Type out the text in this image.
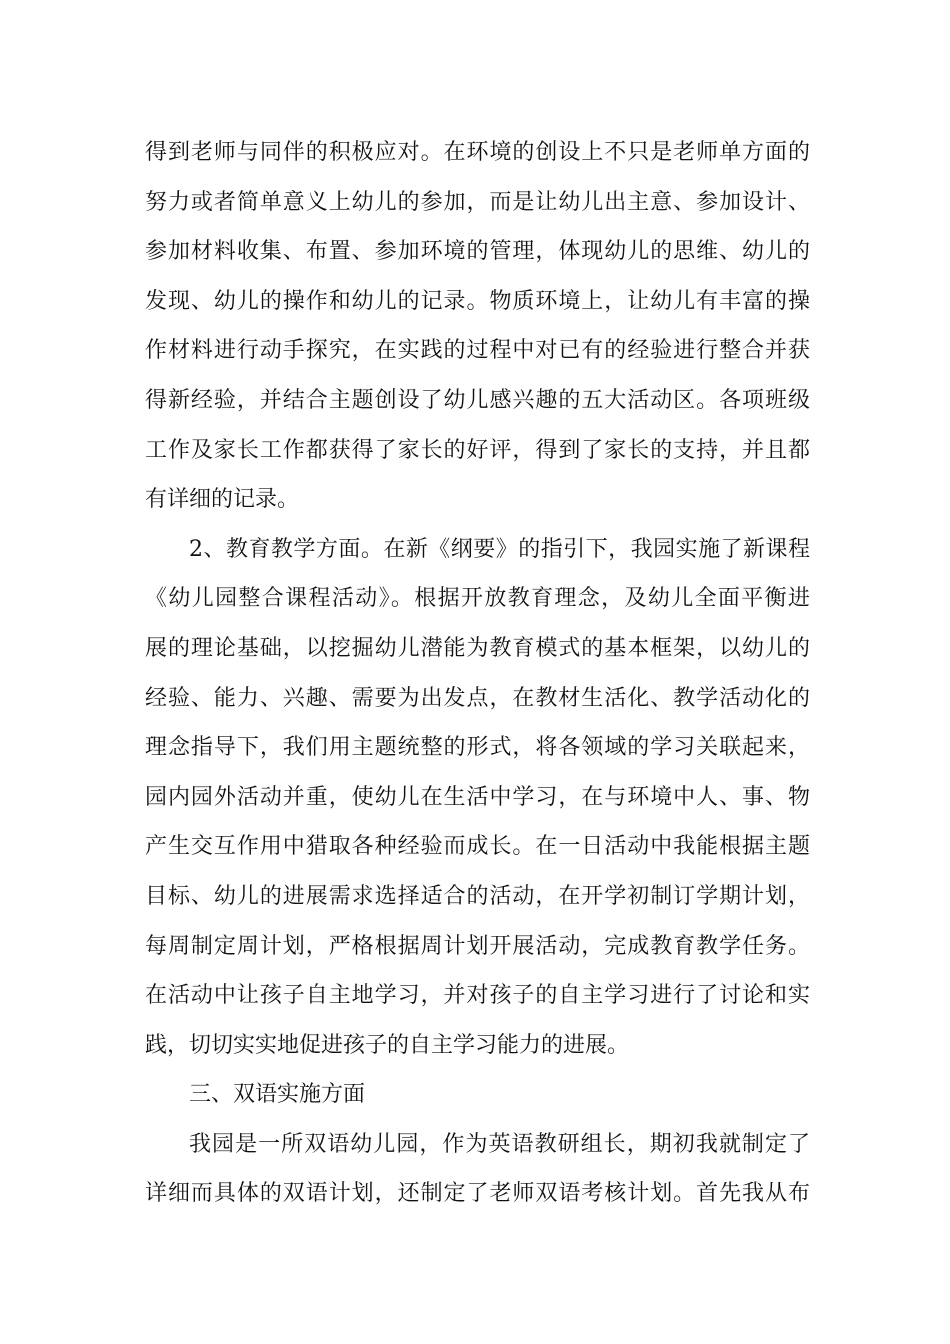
得到老师与同伴的积极应对。在环境的创设上不只是老师单方面的
努力或者简单意义上幼儿的参加，而是让幼儿出主意、参加设计、
参加材料收集、布置、参加环境的管理，体现幼儿的思维、幼儿的
发现、幼儿的操作和幼儿的记录。物质环境上，让幼儿有丰富的操
作材料进行动手探究，在实践的过程中对已有的经验进行整合并获
得新经验，并结合主题创设了幼儿感兴趣的五大活动区。各项班级
工作及家长工作都获得了家长的好评，得到了家长的支持，并且都
有详细的记录。
2、教育教学方面。在新《纲要》的指引下，我园实施了新课程
《幼儿园整合课程活动》。根据开放教育理念，及幼儿全面平衡进
展的理论基础，以挖掘幼儿潜能为教育模式的基本框架，以幼儿的
经验、能力、兴趣、需要为出发点，在教材生活化、教学活动化的
理念指导下，我们用主题统整的形式，将各领域的学习关联起来，
园内园外活动并重，使幼儿在生活中学习，在与环境中人、事、物
产生交互作用中猎取各种经验而成长。在一日活动中我能根据主题
目标、幼儿的进展需求选择适合的活动，在开学初制订学期计划，
每周制定周计划，严格根据周计划开展活动，完成教育教学任务。
在活动中让孩子自主地学习，并对孩子的自主学习进行了讨论和实
践，切切实实地促进孩子的自主学习能力的进展。
三、双语实施方面
我园是一所双语幼儿园，作为英语教研组长，期初我就制定了
详细而具体的双语计划，还制定了老师双语考核计划。首先我从布
